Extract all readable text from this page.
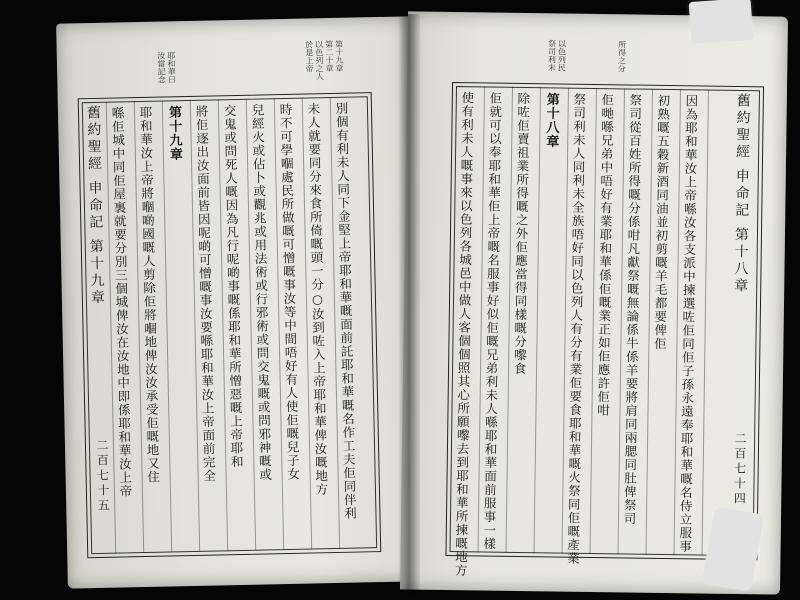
舊約聖經 申命記 第十九章
二百七十五 喺佢城中同佢屋裏就要分別三個城俾汝在汝地中即係耶和華汝上帝 耶和華汝上帝將嗰啲國嘅人剪除佢將嗰地俾汝汝承受佢嘅地又住 第十九章 將佢逐出汝面前皆因呢啲可憎嘅事汝要喺耶和華汝上帝面前完全 交鬼或問死人嘅因為凡行呢啲事嘅係耶和華所憎惡嘅上帝耶和 兒經火或佔卜或觀兆或用法術或行邪術或問交鬼嘅或問邪神嘅或 時不可學嗰處民所做嘅可憎嘅事汝等中間唔好有人使佢嘅兒子女 未人就要同分來食所倚嘅頭一分○汝到咗入上帝耶和華俾汝嘅地方 別個有利未人同下金堅上帝耶和華嘅面前託耶和華嘅名作工夫佢同伴利
第十九章
第二十章
以色列之人
於是上帝
耶和華曰
汝當記念
使有利未人嘅事來以色列各城邑中做人客個個照其心所願嚟去到耶和華所揀嘅地方 佢就可以奉耶和華佢上帝嘅名服事好似佢嘅兄弟利未人喺耶和華面前服事一樣 除咗佢賣祖業所得嘅之外佢應當得同樣嘅分嚟食 第十八章 祭司利未人同利未全族唔好同以色列人有分有業佢要食耶和華嘅火祭同佢嘅產業 佢哋喺兄弟中唔好有業耶和華係佢嘅業正如佢應許佢咁 祭司從百姓所得嘅分係咁凡獻祭嘅無論係牛係羊要將肩同兩腮同肚俾祭司 初熟嘅五穀新酒同油並初剪嘅羊毛都要俾佢 因為耶和華汝上帝喺汝各支派中揀選咗佢同佢子孫永遠奉耶和華嘅名侍立服事 舊約聖經 申命記 第十八章
二百七十四
以色列民
祭司利未	所得之分
